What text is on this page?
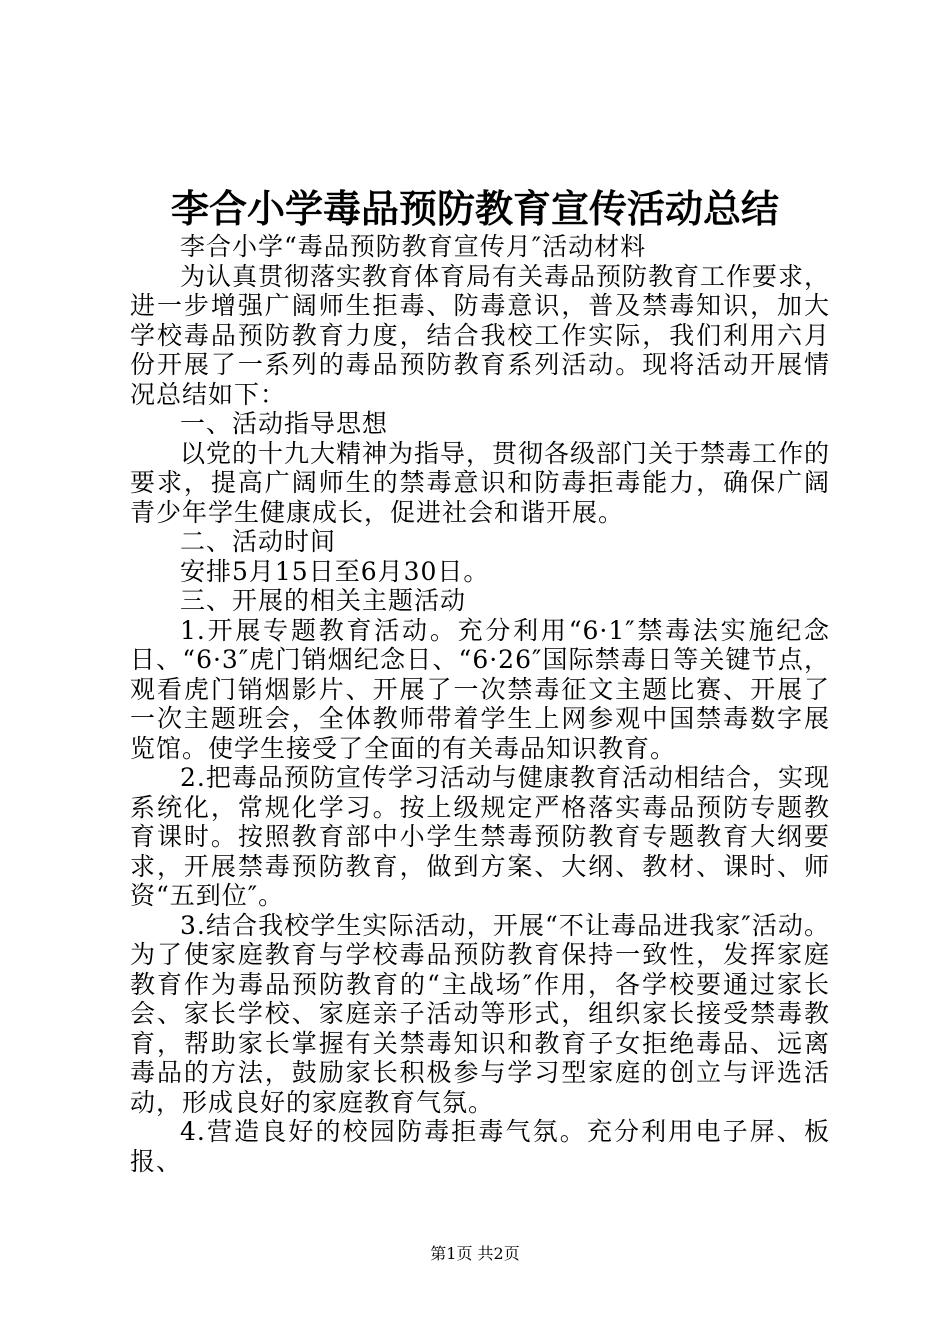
李合小学毒品预防教育宣传活动总结

李合小学“毒品预防教育宣传月″活动材料

为认真贯彻落实教育体育局有关毒品预防教育工作要求，进一步增强广阔师生拒毒、防毒意识，普及禁毒知识，加大学校毒品预防教育力度，结合我校工作实际，我们利用六月份开展了一系列的毒品预防教育系列活动。现将活动开展情况总结如下：

一、活动指导思想

以党的十九大精神为指导，贯彻各级部门关于禁毒工作的要求，提高广阔师生的禁毒意识和防毒拒毒能力，确保广阔青少年学生健康成长，促进社会和谐开展。

二、活动时间

安排5月15日至6月30日。

三、开展的相关主题活动

1.开展专题教育活动。充分利用“6·1″禁毒法实施纪念日、“6·3″虎门销烟纪念日、“6·26″国际禁毒日等关键节点，观看虎门销烟影片、开展了一次禁毒征文主题比赛、开展了一次主题班会，全体教师带着学生上网参观中国禁毒数字展览馆。使学生接受了全面的有关毒品知识教育。

2.把毒品预防宣传学习活动与健康教育活动相结合，实现系统化，常规化学习。按上级规定严格落实毒品预防专题教育课时。按照教育部中小学生禁毒预防教育专题教育大纲要求，开展禁毒预防教育，做到方案、大纲、教材、课时、师资“五到位″。

3.结合我校学生实际活动，开展“不让毒品进我家″活动。为了使家庭教育与学校毒品预防教育保持一致性，发挥家庭教育作为毒品预防教育的“主战场″作用，各学校要通过家长会、家长学校、家庭亲子活动等形式，组织家长接受禁毒教育，帮助家长掌握有关禁毒知识和教育子女拒绝毒品、远离毒品的方法，鼓励家长积极参与学习型家庭的创立与评选活动，形成良好的家庭教育气氛。

4.营造良好的校园防毒拒毒气氛。充分利用电子屏、板报、

第1页 共2页
